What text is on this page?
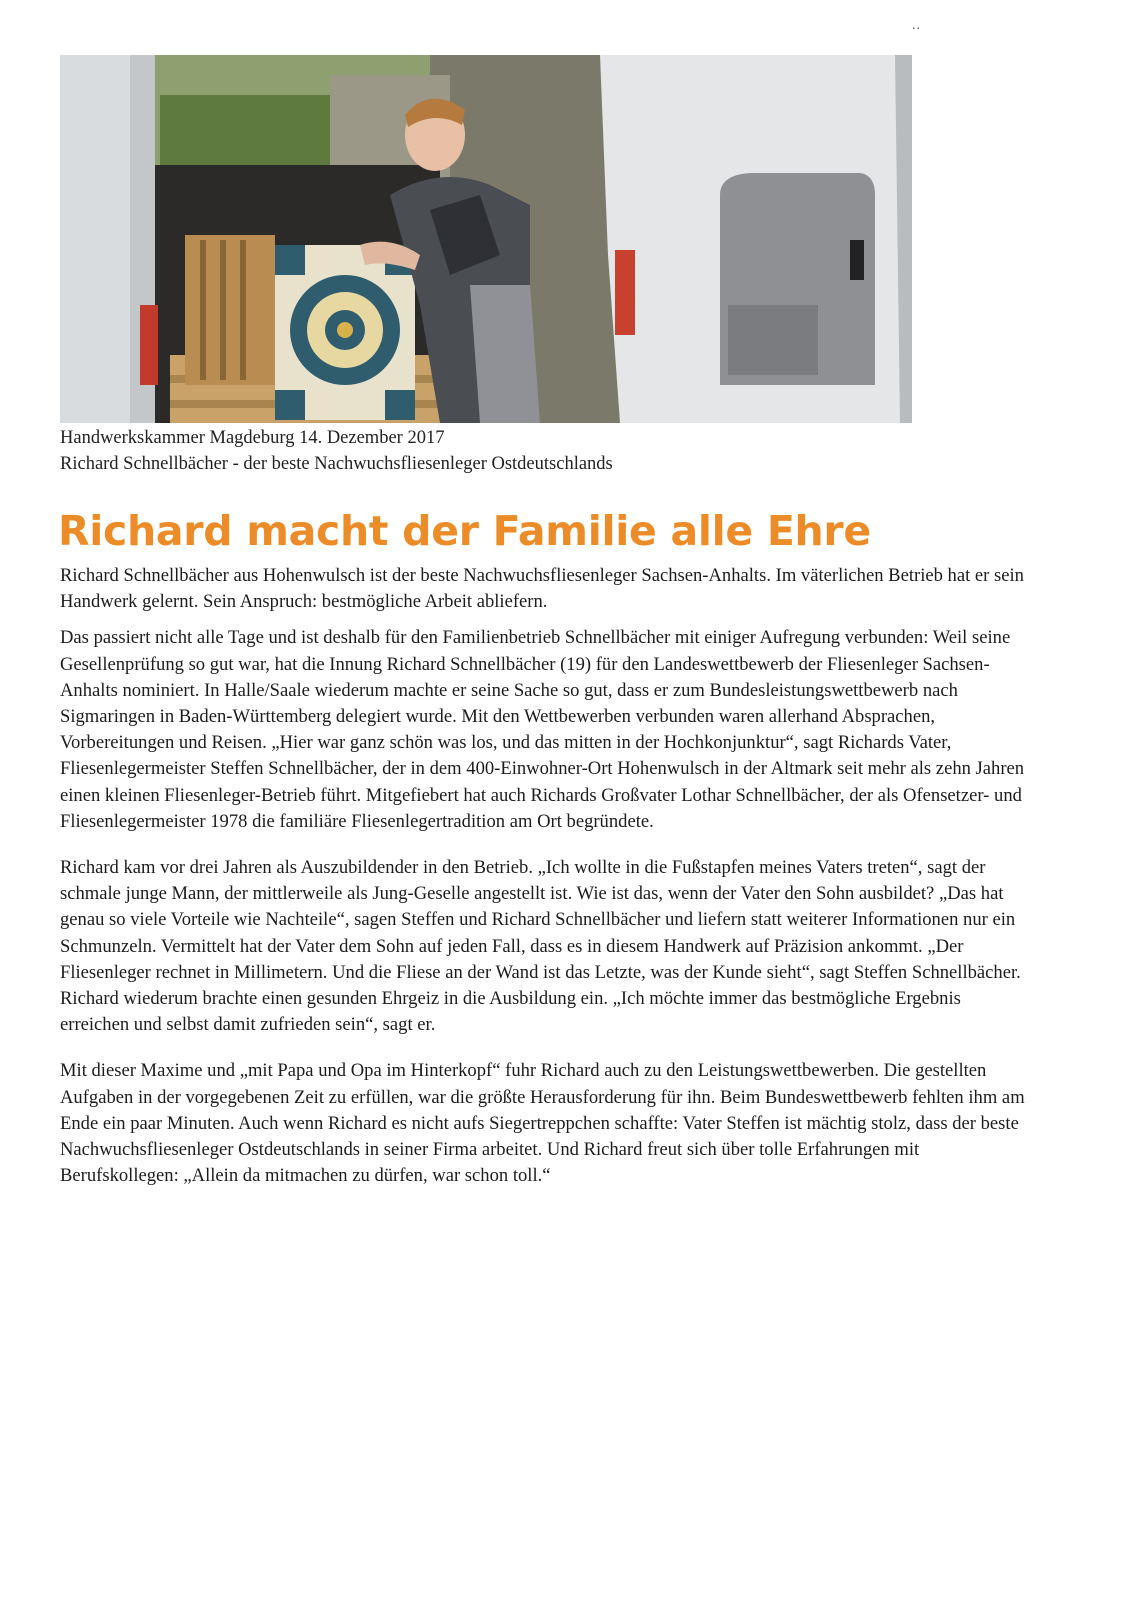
..
Handwerkskammer Magdeburg 14. Dezember 2017
Richard Schnellbächer - der beste Nachwuchsfliesenleger Ostdeutschlands
Richard macht der Familie alle Ehre

Richard Schnellbächer aus Hohenwulsch ist der beste Nachwuchsfliesenleger Sachsen-Anhalts. Im väterlichen Betrieb hat er sein Handwerk gelernt. Sein Anspruch: bestmögliche Arbeit abliefern.

Das passiert nicht alle Tage und ist deshalb für den Familienbetrieb Schnellbächer mit einiger Aufregung verbunden: Weil seine Gesellenprüfung so gut war, hat die Innung Richard Schnellbächer (19) für den Landeswettbewerb der Fliesenleger Sachsen-Anhalts nominiert. In Halle/Saale wiederum machte er seine Sache so gut, dass er zum Bundesleistungswettbewerb nach Sigmaringen in Baden-Württemberg delegiert wurde. Mit den Wettbewerben verbunden waren allerhand Absprachen, Vorbereitungen und Reisen. „Hier war ganz schön was los, und das mitten in der Hochkonjunktur“, sagt Richards Vater, Fliesenlegermeister Steffen Schnellbächer, der in dem 400-Einwohner-Ort Hohenwulsch in der Altmark seit mehr als zehn Jahren einen kleinen Fliesenleger-Betrieb führt. Mitgefiebert hat auch Richards Großvater Lothar Schnellbächer, der als Ofensetzer- und Fliesenlegermeister 1978 die familiäre Fliesenlegertradition am Ort begründete.

Richard kam vor drei Jahren als Auszubildender in den Betrieb. „Ich wollte in die Fußstapfen meines Vaters treten“, sagt der schmale junge Mann, der mittlerweile als Jung-Geselle angestellt ist. Wie ist das, wenn der Vater den Sohn ausbildet? „Das hat genau so viele Vorteile wie Nachteile“, sagen Steffen und Richard Schnellbächer und liefern statt weiterer Informationen nur ein Schmunzeln. Vermittelt hat der Vater dem Sohn auf jeden Fall, dass es in diesem Handwerk auf Präzision ankommt. „Der Fliesenleger rechnet in Millimetern. Und die Fliese an der Wand ist das Letzte, was der Kunde sieht“, sagt Steffen Schnellbächer. Richard wiederum brachte einen gesunden Ehrgeiz in die Ausbildung ein. „Ich möchte immer das bestmögliche Ergebnis erreichen und selbst damit zufrieden sein“, sagt er.

Mit dieser Maxime und „mit Papa und Opa im Hinterkopf“ fuhr Richard auch zu den Leistungswettbewerben. Die gestellten Aufgaben in der vorgegebenen Zeit zu erfüllen, war die größte Herausforderung für ihn. Beim Bundeswettbewerb fehlten ihm am Ende ein paar Minuten. Auch wenn Richard es nicht aufs Siegertreppchen schaffte: Vater Steffen ist mächtig stolz, dass der beste Nachwuchsfliesenleger Ostdeutschlands in seiner Firma arbeitet. Und Richard freut sich über tolle Erfahrungen mit Berufskollegen: „Allein da mitmachen zu dürfen, war schon toll.“
